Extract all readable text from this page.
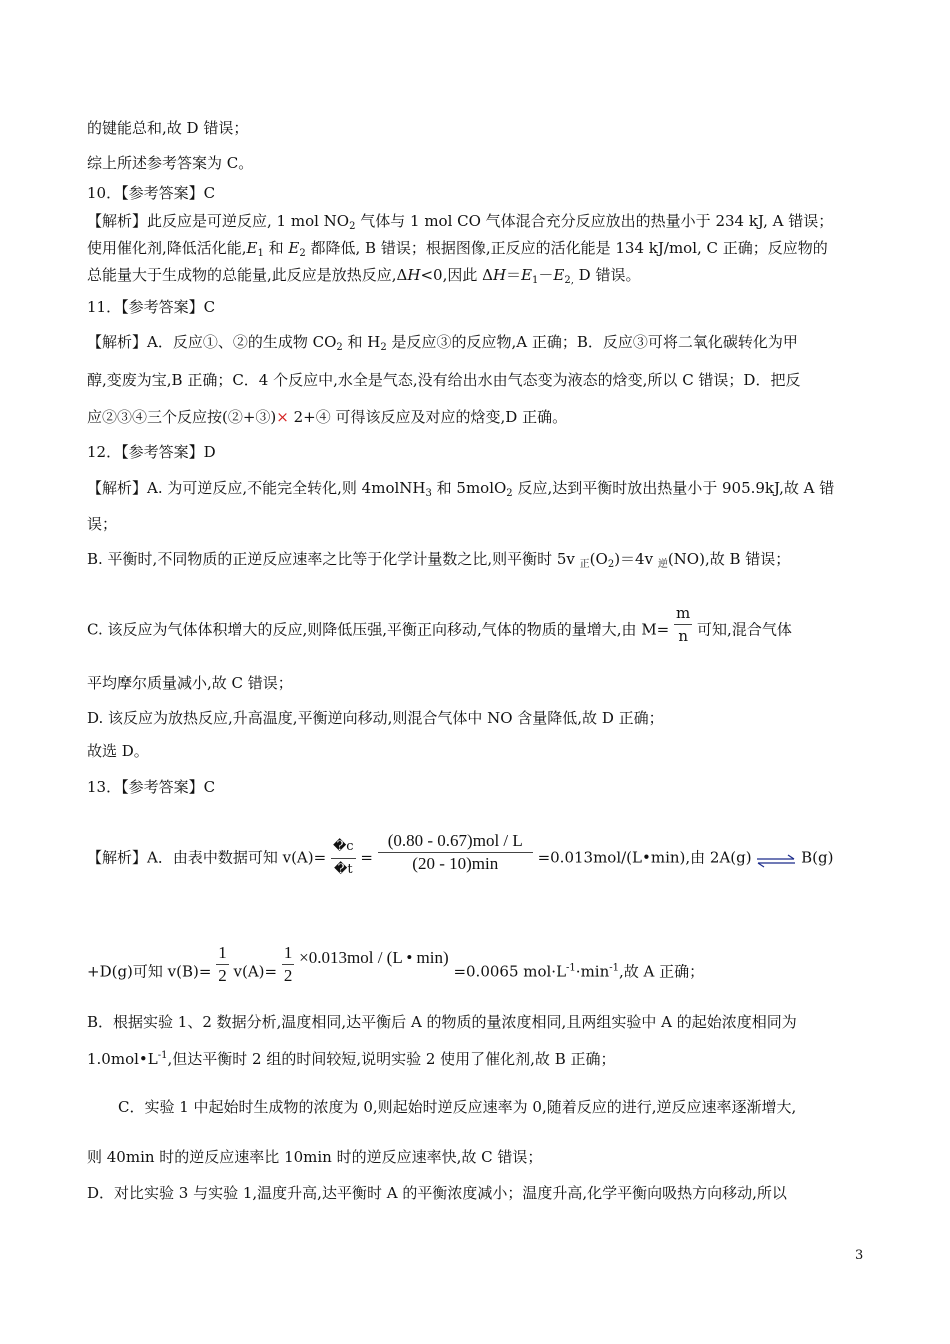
的键能总和,故 D 错误；
综上所述参考答案为 C。
10．【参考答案】C
【解析】此反应是可逆反应, 1 mol $NO_2$ 气体与 1 mol CO 气体混合充分反应放出的热量小于 234 kJ, A 错误；
使用催化剂,降低活化能$,E_1$ 和 $E_2$ 都降低, B 错误；根据图像,正反应的活化能是 134 kJ/mol, C 正确；反应物的
总能量大于生成物的总能量,此反应是放热反应,ΔH<0,因此 $\Delta H=E_1-E_{2,}$ D 错误。
11．【参考答案】C
【解析】A．反应①、②的生成物 $CO_2$ 和 $H_2$ 是反应③的反应物,A 正确；B．反应③可将二氧化碳转化为甲
醇,变废为宝,B 正确；C．4 个反应中,水全是气态,没有给出水由气态变为液态的焓变,所以 C 错误；D．把反
应②③④三个反应按(②+③)× 2+④ 可得该反应及对应的焓变,D 正确。
12．【参考答案】D
【解析】A. 为可逆反应,不能完全转化,则 4molNH$_3$ 和 5molO$_2$ 反应,达到平衡时放出热量小于 905.9kJ,故 A 错
误；
B. 平衡时,不同物质的正逆反应速率之比等于化学计量数之比,则平衡时 5v $_正(O_2)=4v$ $_逆$(NO),故 B 错误；
C. 该反应为气体体积增大的反应,则降低压强,平衡正向移动,气体的物质的量增大,由 $M= \frac{m}{n}$ 可知,混合气体
平均摩尔质量减小,故 C 错误；
D. 该反应为放热反应,升高温度,平衡逆向移动,则混合气体中 NO 含量降低,故 D 正确；
故选 D。
13．【参考答案】C
【解析】A．由表中数据可知 $v(A)= \frac{�c}{�t} = \frac{\text{(0.80 - 0.67)mol / L}}{(20 - 10)\min}$ =0.013mol/(L•min),由 2A(g) ⇌ B(g)
+D(g)可知 $v(B)= \frac{1}{2} v(A)= \frac{1}{2} \times 0.013mol / (L$ • min) =0.0065 $mol\cdot L^{-1}\cdot\min^{-1}$,故 A 正确；
B．根据实验 1、2 数据分析,温度相同,达平衡后 A 的物质的量浓度相同,且两组实验中 A 的起始浓度相同为
$1.0mol•L^{-1}$,但达平衡时 2 组的时间较短,说明实验 2 使用了催化剂,故 B 正确；
C．实验 1 中起始时生成物的浓度为 0,则起始时逆反应速率为 0,随着反应的进行,逆反应速率逐渐增大,
则 40min 时的逆反应速率比 10min 时的逆反应速率快,故 C 错误；
D．对比实验 3 与实验 1,温度升高,达平衡时 A 的平衡浓度减小；温度升高,化学平衡向吸热方向移动,所以
3
